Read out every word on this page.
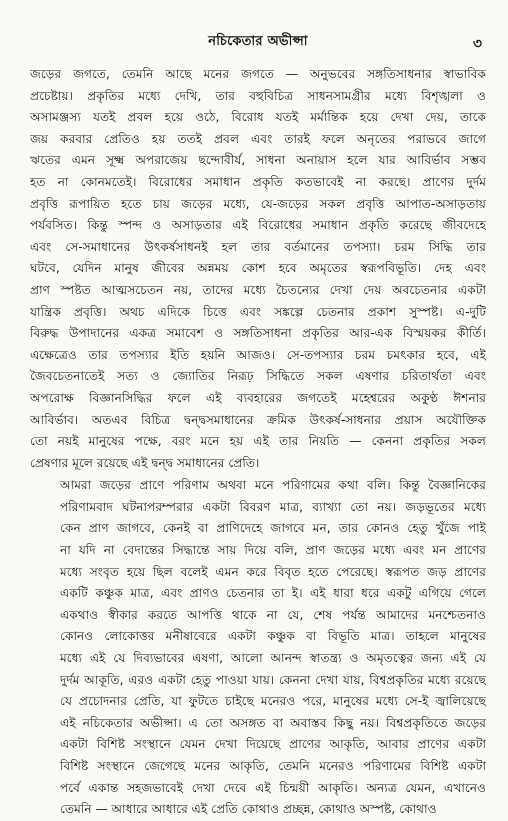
নচিকেতার অভীপ্সা	৩

জড়ের জগতে, তেমনি আছে মনের জগতে — অনুভবের সঙ্গতিসাধনার স্বাভাবিক
প্রচেষ্টায়। প্রকৃতির মধ্যে দেখি, তার বহুবিচিত্র সাধনসামগ্রীর মধ্যে বিশৃঙ্খলা ও
অসামঞ্জস্য যতই প্রবল হয়ে ওঠে, বিরোধ যতই মর্মান্তিক হয়ে দেখা দেয়, তাকে
জয় করবার প্রেতিও হয় ততই প্রবল এবং তারই ফলে অনৃতের পরাভবে জাগে
ঋতের এমন সূক্ষ্ম অপরাজেয় ছন্দোবীর্য, সাধনা অনায়াস হলে যার আবির্ভাব সম্ভব
হত না কোনমতেই। বিরোধের সমাধান প্রকৃতি কতভাবেই না করছে। প্রাণের দুর্দম
প্রবৃত্তি রূপায়িত হতে চায় জড়ের মধ্যে, যে-জড়ের সকল প্রবৃত্তি আপাত-অসাড়তায়
পর্যবসিত। কিন্তু স্পন্দ ও অসাড়তার এই বিরোধের সমাধান প্রকৃতি করেছে জীবদেহে
এবং সে-সমাধানের উৎকর্ষসাধনই হল তার বর্তমানের তপস্যা। চরম সিদ্ধি তার
ঘটবে, যেদিন মানুষ জীবের অন্নময় কোশ হবে অমৃতের স্বরূপবিভূতি। দেহ এবং
প্রাণ স্পষ্টত আত্মসচেতন নয়, তাদের মধ্যে চৈতন্যের দেখা দেয় অবচেতনার একটা
যান্ত্রিক প্রবৃত্তি। অথচ এদিকে চিত্তে এবং সঙ্কল্পে চেতনার প্রকাশ সুস্পষ্ট। এ-দুটি
বিরুদ্ধ উপাদানের একত্র সমাবেশ ও সঙ্গতিসাধনা প্রকৃতির আর-এক বিস্ময়কর কীর্তি।
এক্ষেত্রেও তার তপস্যার ইতি হয়নি আজও। সে-তপস্যার চরম চমৎকার হবে, এই
জৈবচেতনাতেই সত্য ও জ্যোতির নিরূঢ় সিদ্ধিতে সকল এষণার চরিতার্থতা এবং
অপরোক্ষ বিজ্ঞানসিদ্ধির ফলে এই ব্যবহারের জগতেই মহেশ্বরের অকুণ্ঠ ঈশনার
আবির্ভাব। অতএব বিচিত্র দ্বন্দ্বসমাধানের ক্রমিক উৎকর্ষ-সাধনার প্রয়াস অযৌক্তিক
তো নয়ই মানুষের পক্ষে, বরং মনে হয় এই তার নিয়তি — কেননা প্রকৃতির সকল
প্রেষণার মূলে রয়েছে এই দ্বন্দ্ব সমাধানের প্রেতি।

আমরা জড়ের প্রাণে পরিণাম অথবা মনে পরিণামের কথা বলি। কিন্তু বৈজ্ঞানিকের
পরিণামবাদ ঘটনাপরম্পরার একটা বিবরণ মাত্র, ব্যাখ্যা তো নয়। জড়ভূতের মধ্যে
কেন প্রাণ জাগবে, কেনই বা প্রাণিদেহে জাগবে মন, তার কোনও হেতু খুঁজে পাই
না যদি না বেদান্তের সিদ্ধান্তে সায় দিয়ে বলি, প্রাণ জড়ের মধ্যে এবং মন প্রাণের
মধ্যে সংবৃত হয়ে ছিল বলেই এমন করে বিবৃত হতে পেরেছে। স্বরূপত জড় প্রাণের
একটি কঞ্চুক মাত্র, এবং প্রাণও চেতনার তা ই। এই ধারা ধরে একটু এগিয়ে গেলে
একথাও স্বীকার করতে আপত্তি থাকে না যে, শেষ পর্যন্ত আমাদের মনশ্চেতনাও
কোনও লোকোত্তর মনীষাবেরে একটা কঞ্চুক বা বিভূতি মাত্র। তাহলে মানুষের
মধ্যে এই যে দিব্যভাবের এষণা, আলো আনন্দ স্বাতন্ত্র্য ও অমৃতত্বের জন্য এই যে
দুর্দম আকূতি, এরও একটা হেতু পাওয়া যায়। কেননা দেখা যায়, বিশ্বপ্রকৃতির মধ্যে রয়েছে
যে প্রচোদনার প্রেতি, যা ফুটতে চাইছে মনেরও পরে, মানুষের মধ্যে সে-ই জ্বালিয়েছে
এই নচিকেতার অভীপ্সা। এ তো অসঙ্গত বা অবাস্তব কিছু নয়। বিশ্বপ্রকৃতিতে জড়ের
একটা বিশিষ্ট সংস্থানে যেমন দেখা দিয়েছে প্রাণের আকৃতি, আবার প্রাণের একটা
বিশিষ্ট সংস্থানে জেগেছে মনের আকৃতি, তেমনি মনেরও পরিণামের বিশিষ্ট একটা
পর্বে একান্ত সহজভাবেই দেখা দেবে এই চিন্ময়ী আকৃতি। অন্যত্র যেমন, এখানেও
তেমনি — আধারে আধারে এই প্রেতি কোথাও প্রচ্ছন্ন, কোথাও অস্পষ্ট, কোথাও
